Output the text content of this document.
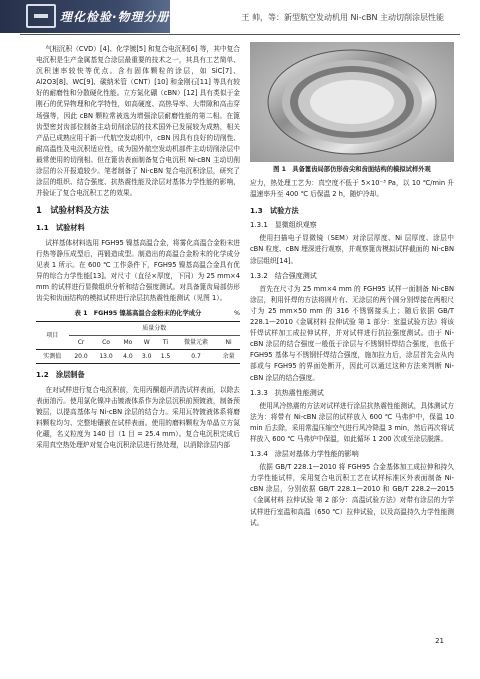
理化检验·物理分册	王 帅，等：新型航空发动机用 Ni-cBN 主动切削涂层性能

气相沉积（CVD）[4]、化学镀[5] 和复合电沉积[6] 等，其中复合电沉积是生产金属基复合涂层最重要的技术之一，其具有工艺简单、沉积速率较快等优点。含有固体颗粒的涂层，如 SiC[7]、Al2O3[8]、WC[9]、碳纳米管（CNT）[10] 和金刚石[11] 等具有较好的耐磨性和分散硬化性能。立方氮化硼（cBN）[12] 具有类似于金刚石的优异物理和化学特性，如高硬度、高热导率、大带隙和高击穿场强等，因此 cBN 颗粒常被选为增强涂层耐磨性能的第二相。在篦齿型密封齿部位制备主动切削涂层的技术国外已发展较为成熟，相关产品已成熟应用于新一代航空发动机中，cBN 因具有良好的切削性、耐高温性及电沉积适应性，成为国外航空发动机部件主动切削涂层中最常使用的切削相。但在篦齿表面制备复合电沉积 Ni-cBN 主动切削涂层的公开报道较少。笔者制备了 Ni-cBN 复合电沉积涂层，研究了涂层的组织、结合强度、抗热震性能及涂层对基体力学性能的影响，并验证了复合电沉积工艺的效果。

1　试验材料及方法
1.1　试验材料

试样基体材料选用 FGH95 镍基高温合金，将雾化高温合金粉末进行热等静压成型后，再锻造成型。制造出的高温合金粉末的化学成分见表 1 所示。在 600 ℃ 工作条件下，FGH95 镍基高温合金具有优异的综合力学性能[13]。对尺寸（直径×厚度，下同）为 25 mm×4 mm 的试样进行显微组织分析和结合强度测试。对具备篦齿局部仿形齿尖和齿面结构的模拟试样进行涂层抗热震性能测试（见图 1）。

表 1　FGH95 镍基高温合金粉末的化学成分	%
项目	质量分数						
	Cr	Co	Mo	W	Ti	微量元素	Ni
实测值	20.0	13.0	4.0	3.0	1.5	0.7	余量
1.2　涂层制备

在对试样进行复合电沉积前，先用丙酮超声清洗试样表面，以除去表面油污。使用氯化镍冲击镀液体系作为涂层沉积前预镀液，制备预镀层，以提高基体与 Ni-cBN 涂层的结合力。采用瓦特镀液体系将磨料颗粒均匀、完整地镶嵌在试样表面。使用的磨料颗粒为单晶立方氮化硼，名义粒度为 140 目（1 目 = 25.4 mm）。复合电沉积完成后采用真空热处理炉对复合电沉积涂层进行热处理，以消除涂层内部

图 1　具备篦齿局部仿形齿尖和齿面结构的模拟试样外观

应力，热处理工艺为：真空度不低于 5×10⁻³ Pa，以 10 ℃/min 升温速率升至 400 ℃ 后保温 2 h，随炉冷却。

1.3　试验方法
1.3.1　显微组织观察

使用扫描电子显微镜（SEM）对涂层厚度、Ni 层厚度、涂层中 cBN 粒度、cBN 埋深进行观察，并观察篦齿模拟试样截面的 Ni-cBN 涂层组织[14]。

1.3.2　结合强度测试

首先在尺寸为 25 mm×4 mm 的 FGH95 试样一面制备 Ni-cBN 涂层，利用钎焊的方法将圆片有、无涂层的两个圆分别焊接在两根尺寸为 25 mm×50 mm 的 316 不锈钢接头上；随后依据 GB/T 228.1—2010《金属材料 拉伸试验 第 1 部分：室温试验方法》将该钎焊试样加工成拉伸试样，并对试样进行抗拉强度测试。由于 Ni-cBN 涂层的结合强度一般低于涂层与不锈钢钎焊结合强度，也低于 FGH95 基体与不锈钢钎焊结合强度，施加拉力后，涂层首先会从内部或与 FGH95 的界面处断开，因此可以通过这种方法来判断 Ni-cBN 涂层的结合强度。

1.3.3　抗热震性能测试

使用风冷热震的方法对试样进行涂层抗热震性能测试，具体测试方法为：将带有 Ni-cBN 涂层的试样放入 600 ℃ 马弗炉中，保温 10 min 后去除，采用常温压缩空气进行风冷降温 3 min，然后再次将试样放入 600 ℃ 马弗炉中保温，如此循环 1 200 次或至涂层脱落。

1.3.4　涂层对基体力学性能的影响

依据 GB/T 228.1—2010 将 FGH95 合金基体加工成拉伸和持久力学性能试样，采用复合电沉积工艺在试样标准区外表面制备 Ni-cBN 涂层，分别依据 GB/T 228.1—2010 和 GB/T 228.2—2015《金属材料 拉伸试验 第 2 部分：高温试验方法》对带有涂层的力学试样进行室温和高温（650 ℃）拉伸试验，以及高温持久力学性能测试。

21
